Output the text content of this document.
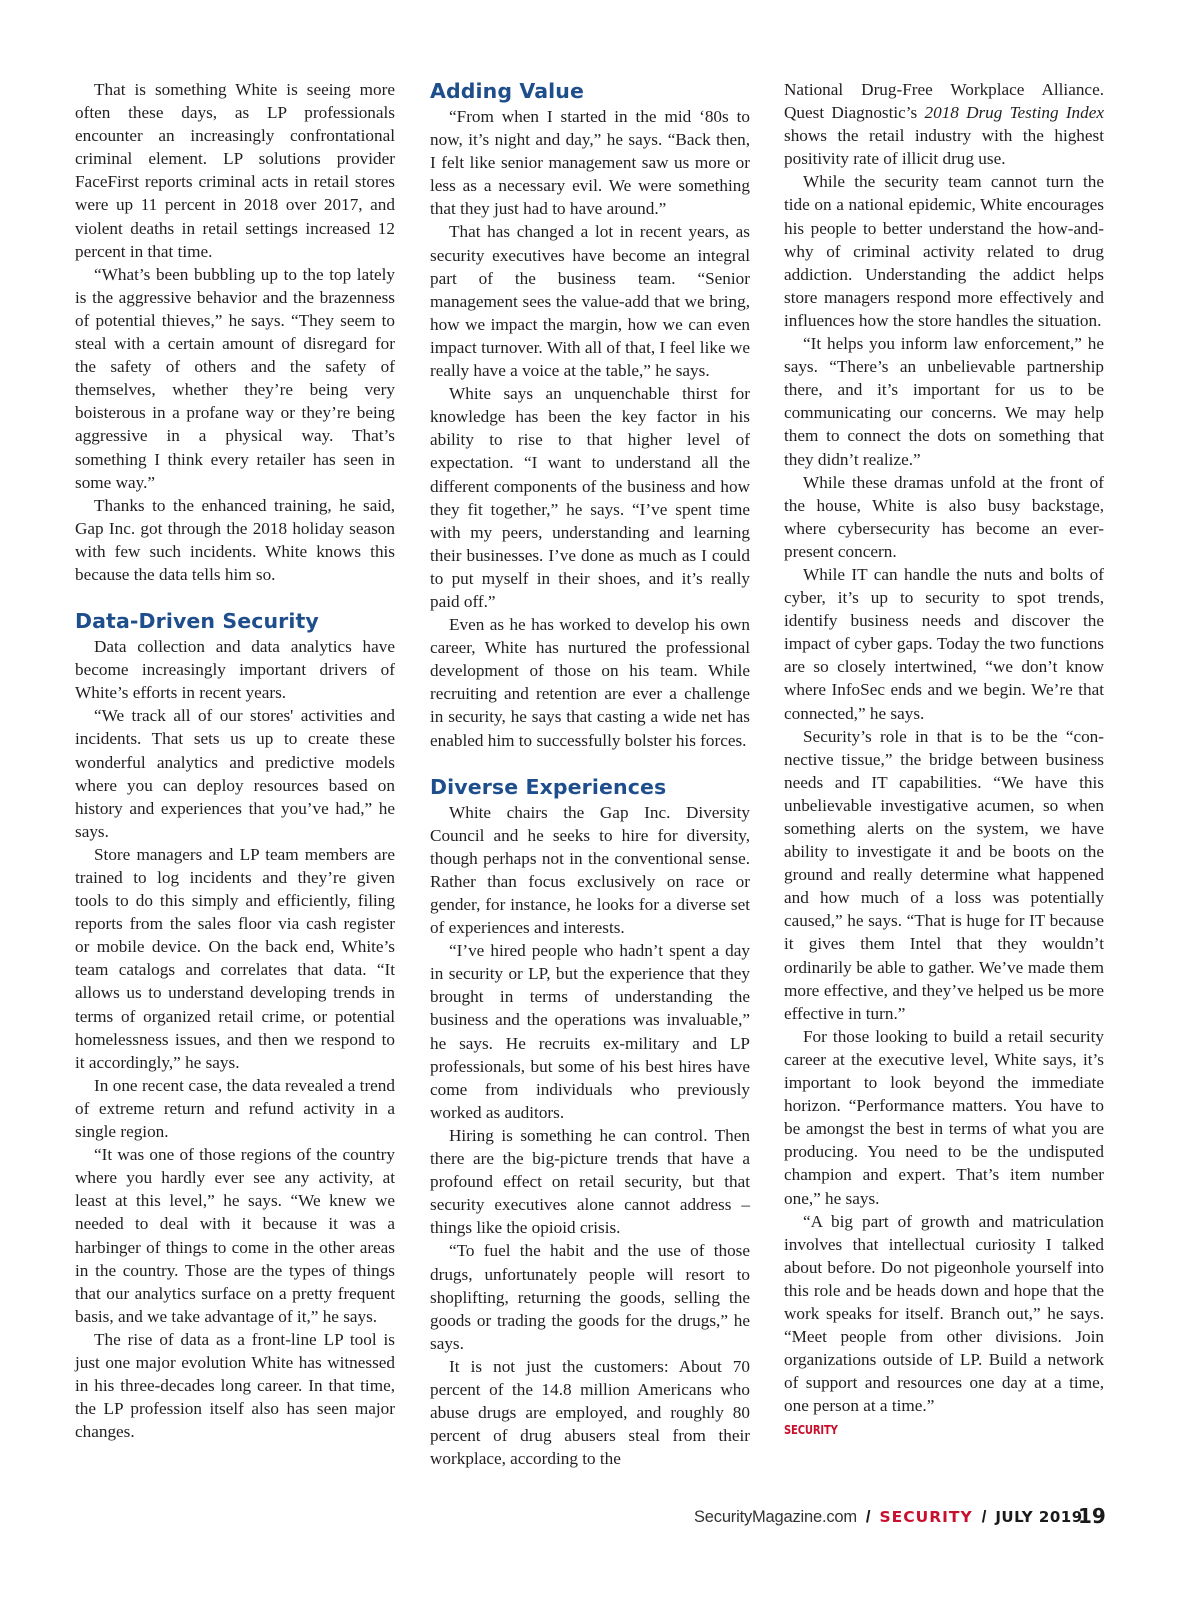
That is something White is seeing more often these days, as LP professionals encounter an increasingly confrontational criminal element. LP solutions provider FaceFirst reports criminal acts in retail stores were up 11 percent in 2018 over 2017, and violent deaths in retail settings increased 12 percent in that time.

“What’s been bubbling up to the top lately is the aggressive behavior and the brazenness of potential thieves,” he says. “They seem to steal with a certain amount of disregard for the safety of others and the safety of themselves, whether they’re being very boisterous in a profane way or they’re being aggressive in a physical way. That’s something I think every retailer has seen in some way.”

Thanks to the enhanced training, he said, Gap Inc. got through the 2018 holiday season with few such incidents. White knows this because the data tells him so.

Data-Driven Security

Data collection and data analytics have become increasingly important drivers of White’s efforts in recent years.

“We track all of our stores' activities and incidents. That sets us up to create these wonderful analytics and predictive models where you can deploy resources based on history and experiences that you’ve had,” he says.

Store managers and LP team members are trained to log incidents and they’re given tools to do this simply and efficiently, filing reports from the sales floor via cash register or mobile device. On the back end, White’s team catalogs and correlates that data. “It allows us to understand developing trends in terms of organized retail crime, or potential homelessness issues, and then we respond to it accordingly,” he says.

In one recent case, the data revealed a trend of extreme return and refund activity in a single region.

“It was one of those regions of the country where you hardly ever see any activity, at least at this level,” he says. “We knew we needed to deal with it because it was a harbinger of things to come in the other areas in the country. Those are the types of things that our analytics surface on a pretty frequent basis, and we take advantage of it,” he says.

The rise of data as a front-line LP tool is just one major evolution White has witnessed in his three-decades long career. In that time, the LP profession itself also has seen major changes.

Adding Value

“From when I started in the mid ‘80s to now, it’s night and day,” he says. “Back then, I felt like senior management saw us more or less as a necessary evil. We were something that they just had to have around.”

That has changed a lot in recent years, as security executives have become an integral part of the business team. “Senior management sees the value-add that we bring, how we impact the margin, how we can even impact turnover. With all of that, I feel like we really have a voice at the table,” he says.

White says an unquenchable thirst for knowledge has been the key factor in his ability to rise to that higher level of expectation. “I want to understand all the different components of the business and how they fit together,” he says. “I’ve spent time with my peers, understanding and learning their businesses. I’ve done as much as I could to put myself in their shoes, and it’s really paid off.”

Even as he has worked to develop his own career, White has nurtured the professional development of those on his team. While recruiting and retention are ever a challenge in security, he says that casting a wide net has enabled him to successfully bolster his forces.

Diverse Experiences

White chairs the Gap Inc. Diversity Council and he seeks to hire for diversity, though perhaps not in the conventional sense. Rather than focus exclusively on race or gender, for instance, he looks for a diverse set of experiences and interests.

“I’ve hired people who hadn’t spent a day in security or LP, but the experience that they brought in terms of understanding the business and the operations was invaluable,” he says. He recruits ex-military and LP professionals, but some of his best hires have come from individuals who previously worked as auditors.

Hiring is something he can control. Then there are the big-picture trends that have a profound effect on retail security, but that security executives alone cannot address – things like the opioid crisis.

“To fuel the habit and the use of those drugs, unfortunately people will resort to shoplifting, returning the goods, selling the goods or trading the goods for the drugs,” he says.

It is not just the customers: About 70 percent of the 14.8 million Americans who abuse drugs are employed, and roughly 80 percent of drug abusers steal from their workplace, according to the

National Drug-Free Workplace Alliance. Quest Diagnostic’s 2018 Drug Testing Index shows the retail industry with the highest positivity rate of illicit drug use.

While the security team cannot turn the tide on a national epidemic, White encourages his people to better understand the how-and-why of criminal activity related to drug addiction. Understanding the addict helps store managers respond more effectively and influences how the store handles the situation.

“It helps you inform law enforcement,” he says. “There’s an unbelievable partnership there, and it’s important for us to be communicating our concerns. We may help them to connect the dots on something that they didn’t realize.”

While these dramas unfold at the front of the house, White is also busy backstage, where cybersecurity has become an ever-present concern.

While IT can handle the nuts and bolts of cyber, it’s up to security to spot trends, identify business needs and discover the impact of cyber gaps. Today the two functions are so closely intertwined, “we don’t know where InfoSec ends and we begin. We’re that connected,” he says.

Security’s role in that is to be the “connective tissue,” the bridge between business needs and IT capabilities. “We have this unbelievable investigative acumen, so when something alerts on the system, we have ability to investigate it and be boots on the ground and really determine what happened and how much of a loss was potentially caused,” he says. “That is huge for IT because it gives them Intel that they wouldn’t ordinarily be able to gather. We’ve made them more effective, and they’ve helped us be more effective in turn.”

For those looking to build a retail security career at the executive level, White says, it’s important to look beyond the immediate horizon. “Performance matters. You have to be amongst the best in terms of what you are producing. You need to be the undisputed champion and expert. That’s item number one,” he says.

“A big part of growth and matriculation involves that intellectual curiosity I talked about before. Do not pigeonhole yourself into this role and be heads down and hope that the work speaks for itself. Branch out,” he says. “Meet people from other divisions. Join organizations outside of LP. Build a network of support and resources one day at a time, one person at a time.”

SECURITY
SecurityMagazine.com / SECURITY / JULY 2019
19
